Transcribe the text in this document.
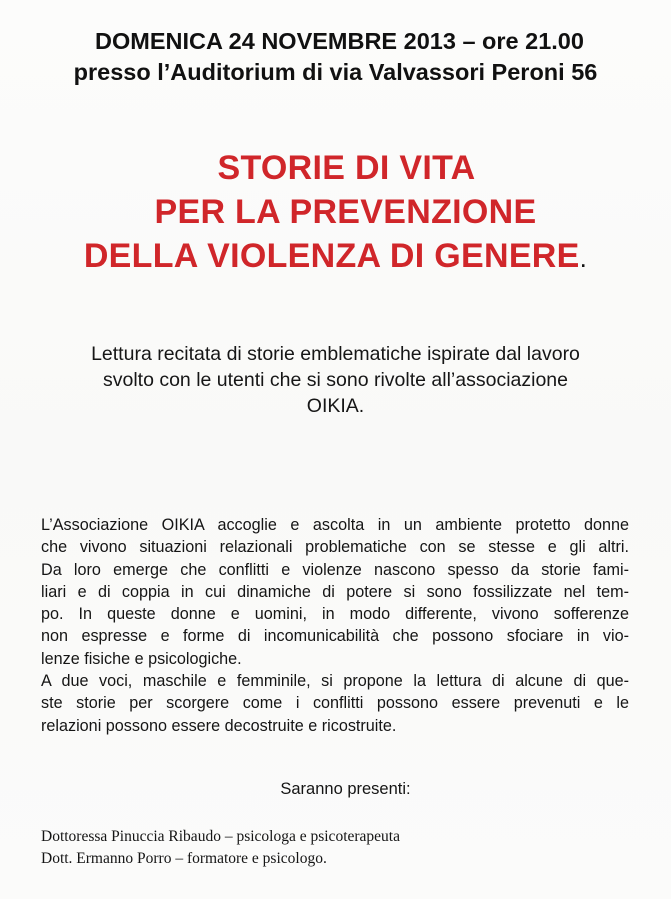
DOMENICA 24 NOVEMBRE 2013 – ore 21.00
presso l’Auditorium di via Valvassori Peroni 56
STORIE DI VITA
PER LA PREVENZIONE
DELLA VIOLENZA DI GENERE.
Lettura recitata di storie emblematiche ispirate dal lavoro
svolto con le utenti che si sono rivolte all’associazione
OIKIA.
L’Associazione OIKIA accoglie e ascolta in un ambiente protetto donne
che vivono situazioni relazionali problematiche con se stesse e gli altri.
Da loro emerge che conflitti e violenze nascono spesso da storie fami-
liari e di coppia in cui dinamiche di potere si sono fossilizzate nel tem-
po. In queste donne e uomini, in modo differente, vivono sofferenze
non espresse e forme di incomunicabilità che possono sfociare in vio-
lenze fisiche e psicologiche.
A due voci, maschile e femminile, si propone la lettura di alcune di que-
ste storie per scorgere come i conflitti possono essere prevenuti e le
relazioni possono essere decostruite e ricostruite.
Saranno presenti:
Dottoressa Pinuccia Ribaudo – psicologa e psicoterapeuta
Dott. Ermanno Porro – formatore e psicologo.
